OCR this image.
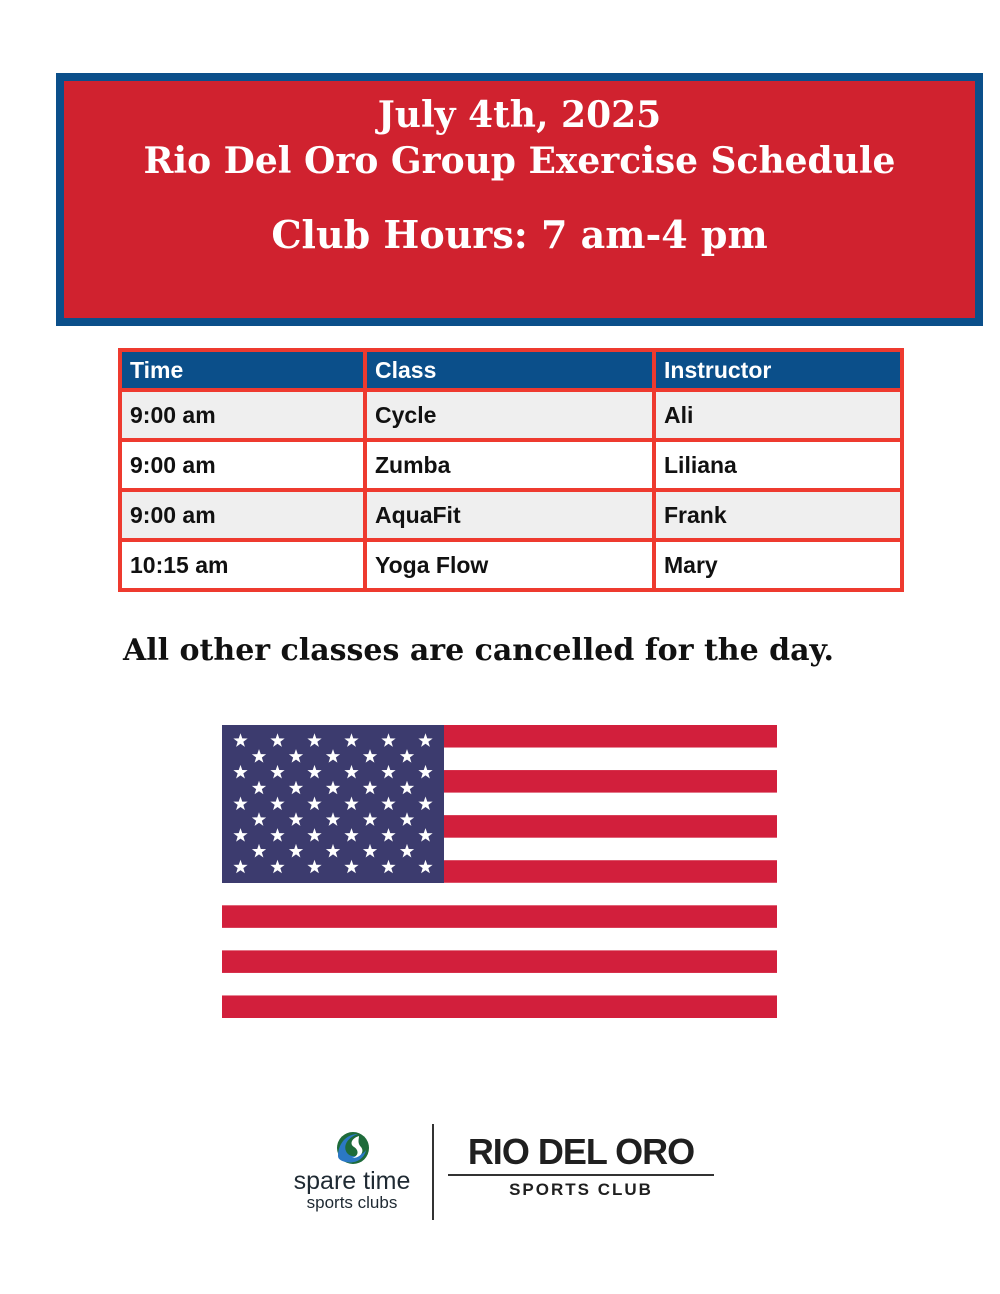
July 4th, 2025
Rio Del Oro Group Exercise Schedule
Club Hours: 7 am-4 pm
Time	Class	Instructor
9:00 am	Cycle	Ali
9:00 am	Zumba	Liliana
9:00 am	AquaFit	Frank
10:15 am	Yoga Flow	Mary
All other classes are cancelled for the day.
spare time
sports clubs
RIO DEL ORO
SPORTS CLUB
